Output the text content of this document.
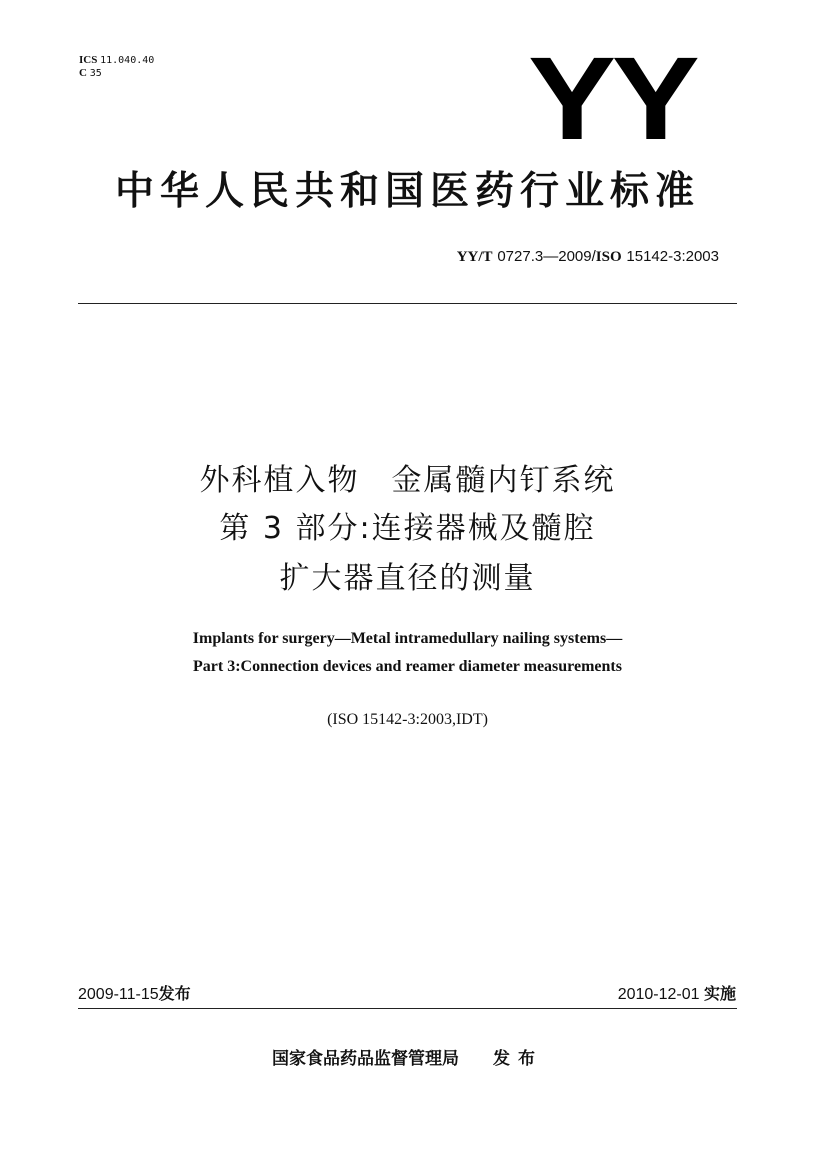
ICS 11.040.40
C 35	YY
中华人民共和国医药行业标准
YY/T 0727.3—2009/ISO 15142-3:2003
外科植入物　金属髓内钉系统
第 3 部分:连接器械及髓腔
扩大器直径的测量
Implants for surgery—Metal intramedullary nailing systems—
Part 3:Connection devices and reamer diameter measurements
(ISO 15142-3:2003,IDT)
2009-11-15发布	2010-12-01 实施
国家食品药品监督管理局 发布
